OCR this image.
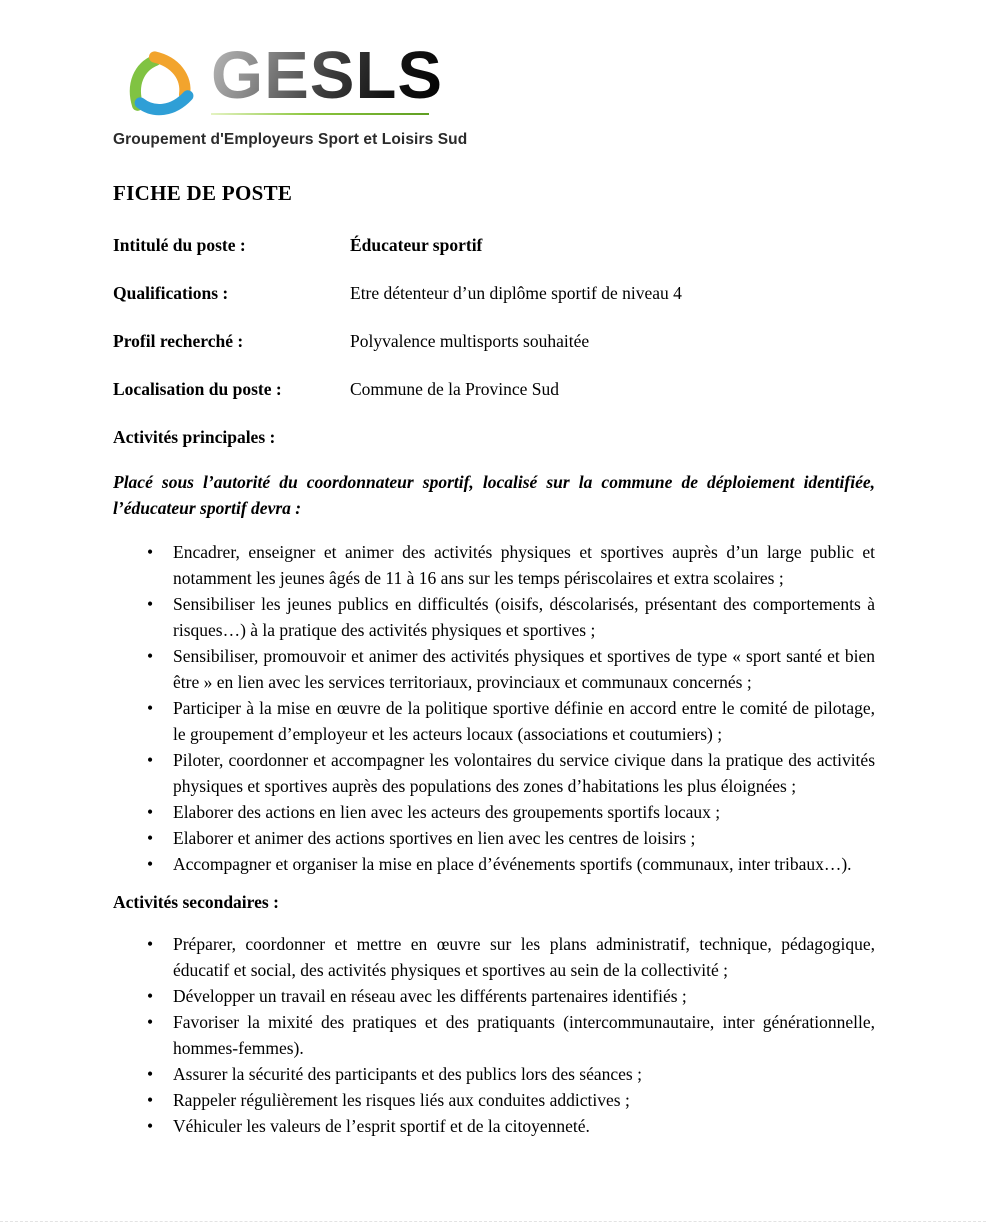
GESLS
Groupement d'Employeurs Sport et Loisirs Sud
FICHE DE POSTE
Intitulé du poste :	Éducateur sportif
Qualifications :	Etre détenteur d’un diplôme sportif de niveau 4
Profil recherché :	Polyvalence multisports souhaitée
Localisation du poste :	Commune de la Province Sud
Activités principales :

Placé sous l’autorité du coordonnateur sportif, localisé sur la commune de déploiement identifiée, l’éducateur sportif devra :

• Encadrer, enseigner et animer des activités physiques et sportives auprès d’un large public et notamment les jeunes âgés de 11 à 16 ans sur les temps périscolaires et extra scolaires ;
• Sensibiliser les jeunes publics en difficultés (oisifs, déscolarisés, présentant des comportements à risques…) à la pratique des activités physiques et sportives ;
• Sensibiliser, promouvoir et animer des activités physiques et sportives de type « sport santé et bien être » en lien avec les services territoriaux, provinciaux et communaux concernés ;
• Participer à la mise en œuvre de la politique sportive définie en accord entre le comité de pilotage, le groupement d’employeur et les acteurs locaux (associations et coutumiers) ;
• Piloter, coordonner et accompagner les volontaires du service civique dans la pratique des activités physiques et sportives auprès des populations des zones d’habitations les plus éloignées ;
• Elaborer des actions en lien avec les acteurs des groupements sportifs locaux ;
• Elaborer et animer des actions sportives en lien avec les centres de loisirs ;
• Accompagner et organiser la mise en place d’événements sportifs (communaux, inter tribaux…).
Activités secondaires :
• Préparer, coordonner et mettre en œuvre sur les plans administratif, technique, pédagogique, éducatif et social, des activités physiques et sportives au sein de la collectivité ;
• Développer un travail en réseau avec les différents partenaires identifiés ;
• Favoriser la mixité des pratiques et des pratiquants (intercommunautaire, inter générationnelle, hommes-femmes).
• Assurer la sécurité des participants et des publics lors des séances ;
• Rappeler régulièrement les risques liés aux conduites addictives ;
• Véhiculer les valeurs de l’esprit sportif et de la citoyenneté.
